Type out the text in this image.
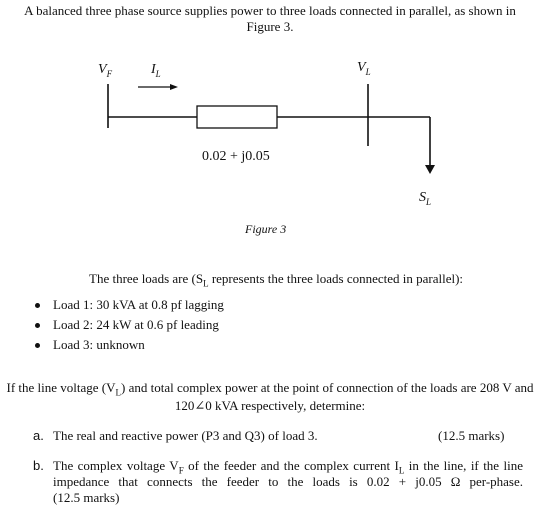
A balanced three phase source supplies power to three loads connected in parallel, as shown in
Figure 3.
$V_F$	$I_L$	$V_L$
$S_L$
0.02 + j0.05
Figure 3
The three loads are ($S_L$ represents the three loads connected in parallel):
Load 1: 30 kVA at 0.8 pf lagging
Load 2: 24 kW at 0.6 pf leading
Load 3: unknown
If the line voltage $(V_L)$ and total complex power at the point of connection of the loads are 208 V and
120∠0 kVA respectively, determine:
a. The real and reactive power (P3 and Q3) of load 3.	(12.5 marks)
b. The complex voltage $V_F$ of the feeder and the complex current $I_L$ in the line, if the line
impedance that connects the feeder to the loads is 0.02 + j0.05 Ω per-phase.
(12.5 marks)
